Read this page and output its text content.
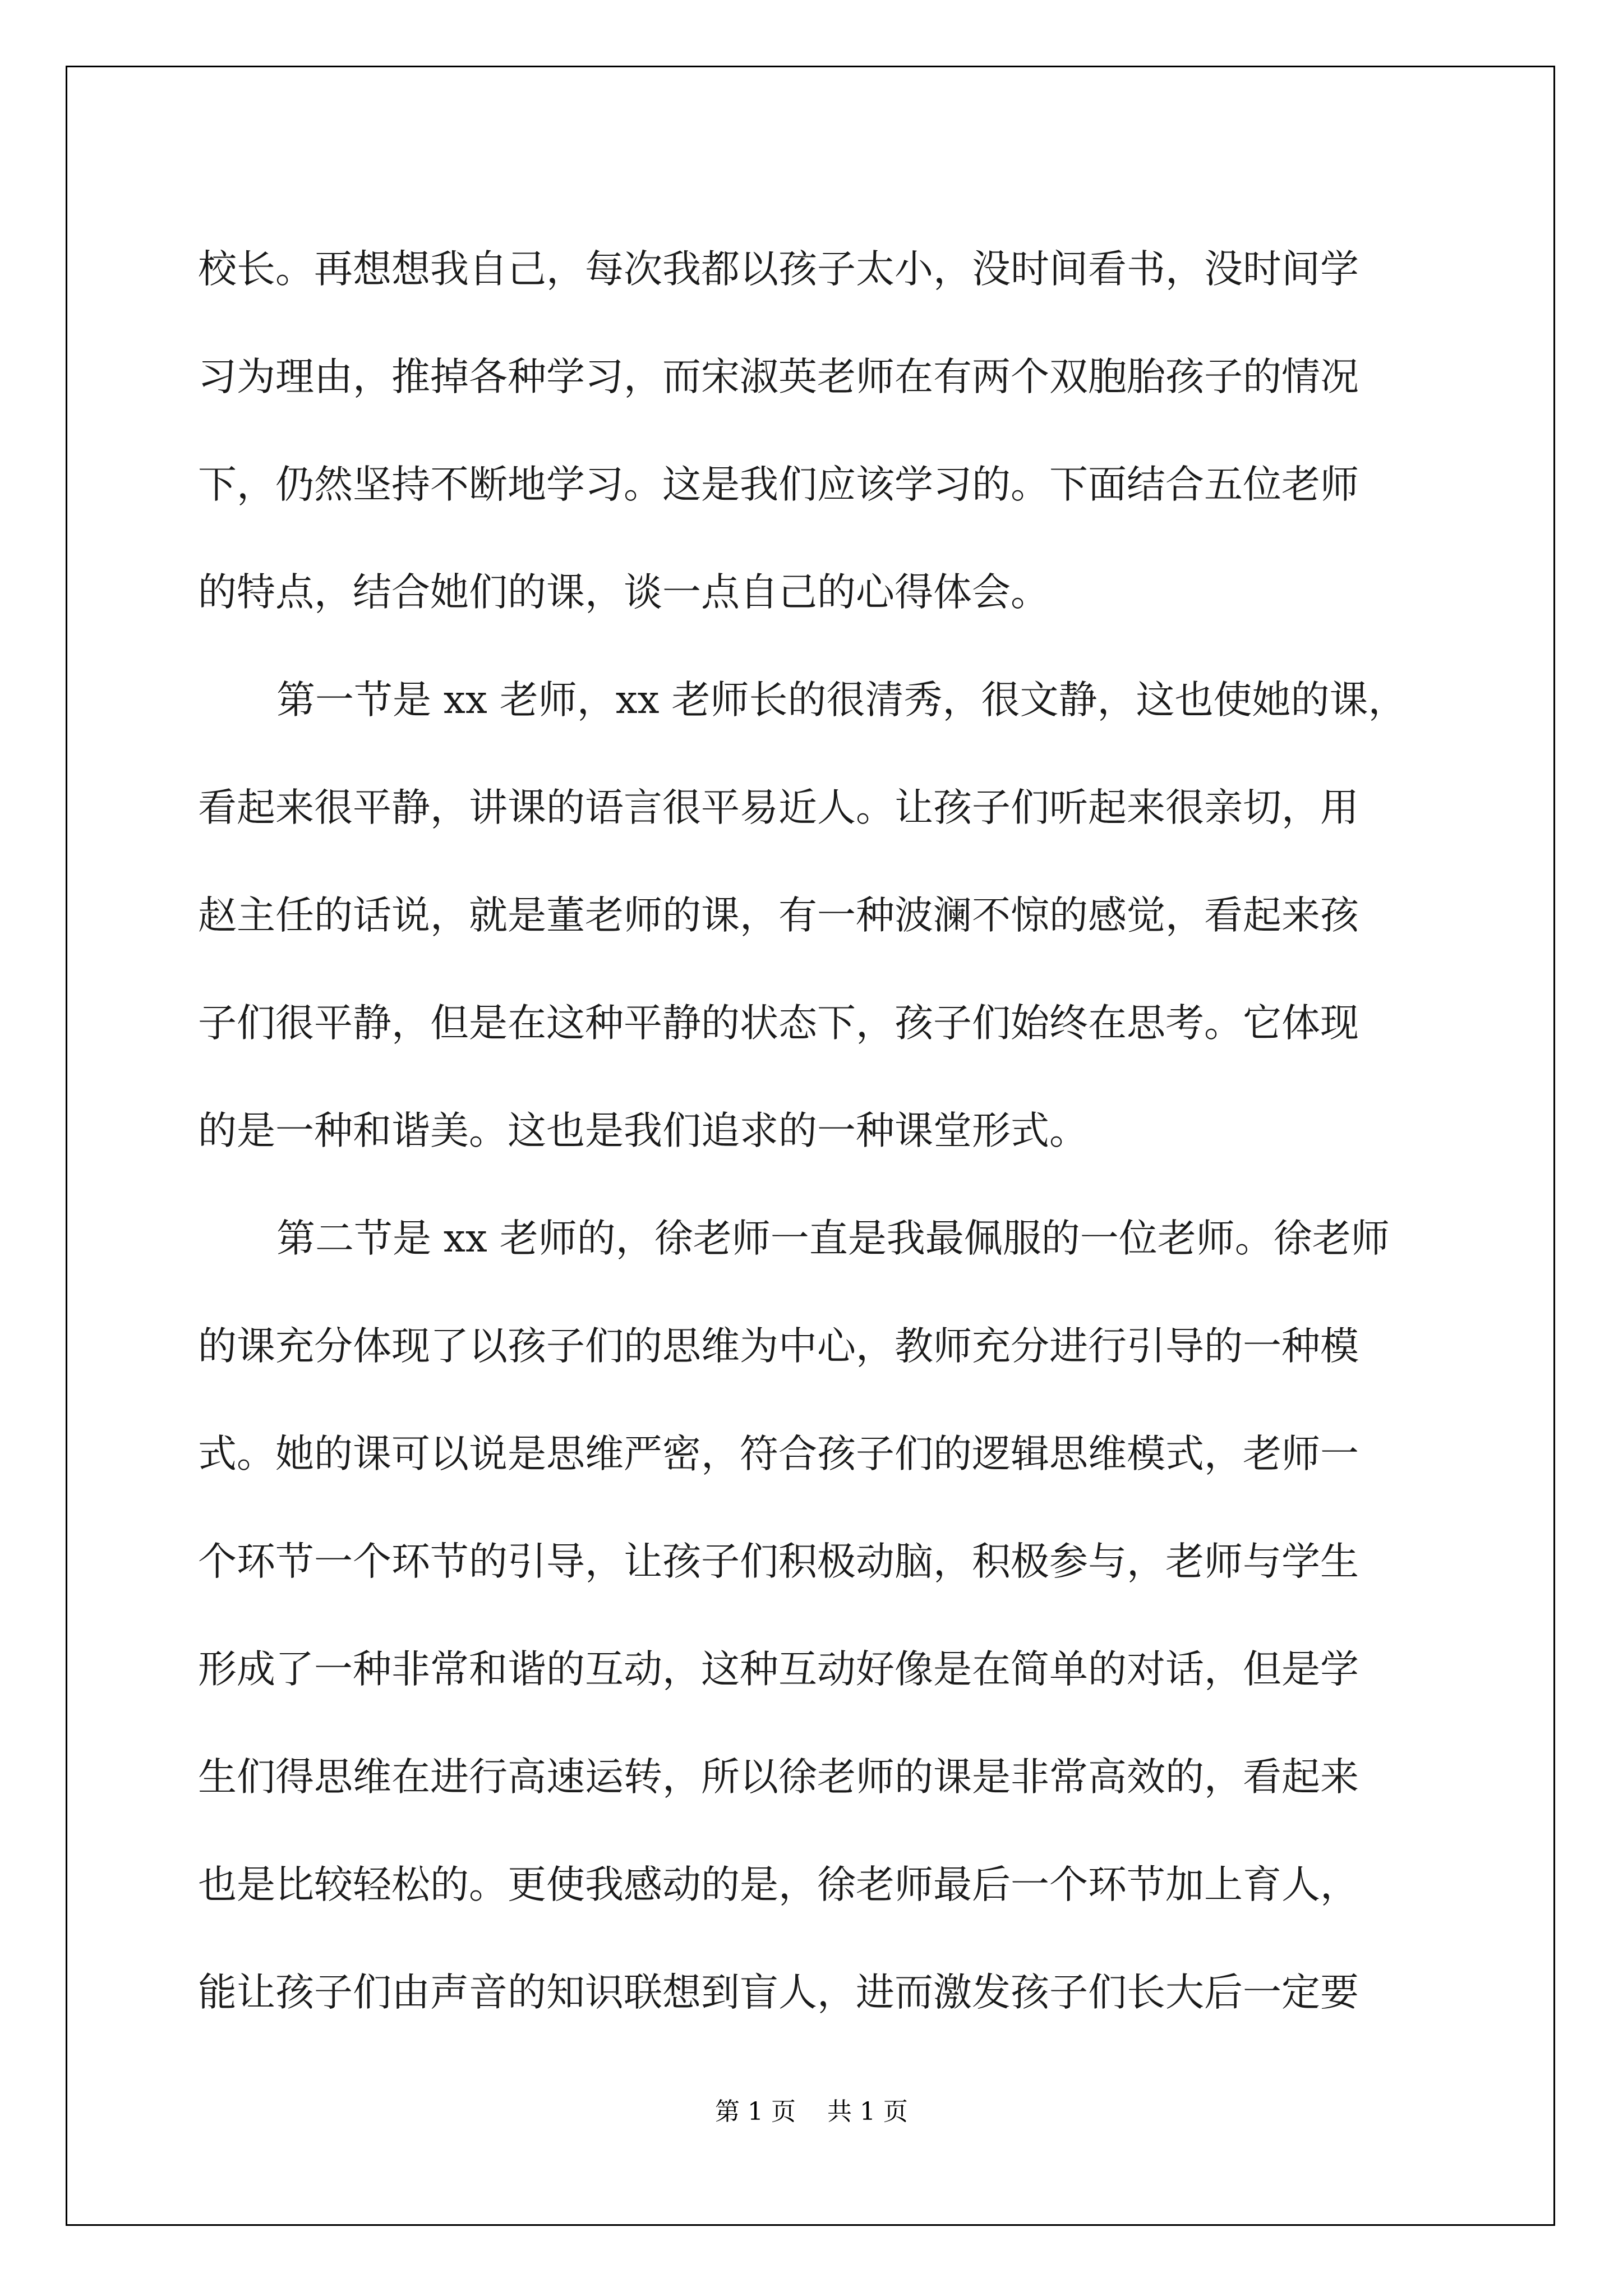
校长。再想想我自己，每次我都以孩子太小，没时间看书，没时间学
习为理由，推掉各种学习，而宋淑英老师在有两个双胞胎孩子的情况
下，仍然坚持不断地学习。这是我们应该学习的。下面结合五位老师
的特点，结合她们的课，谈一点自己的心得体会。
第一节是 xx 老师，xx 老师长的很清秀，很文静，这也使她的课，
看起来很平静，讲课的语言很平易近人。让孩子们听起来很亲切，用
赵主任的话说，就是董老师的课，有一种波澜不惊的感觉，看起来孩
子们很平静，但是在这种平静的状态下，孩子们始终在思考。它体现
的是一种和谐美。这也是我们追求的一种课堂形式。
第二节是 xx 老师的，徐老师一直是我最佩服的一位老师。徐老师
的课充分体现了以孩子们的思维为中心，教师充分进行引导的一种模
式。她的课可以说是思维严密，符合孩子们的逻辑思维模式，老师一
个环节一个环节的引导，让孩子们积极动脑，积极参与，老师与学生
形成了一种非常和谐的互动，这种互动好像是在简单的对话，但是学
生们得思维在进行高速运转，所以徐老师的课是非常高效的，看起来
也是比较轻松的。更使我感动的是，徐老师最后一个环节加上育人，
能让孩子们由声音的知识联想到盲人，进而激发孩子们长大后一定要
第 1 页    共 1 页
